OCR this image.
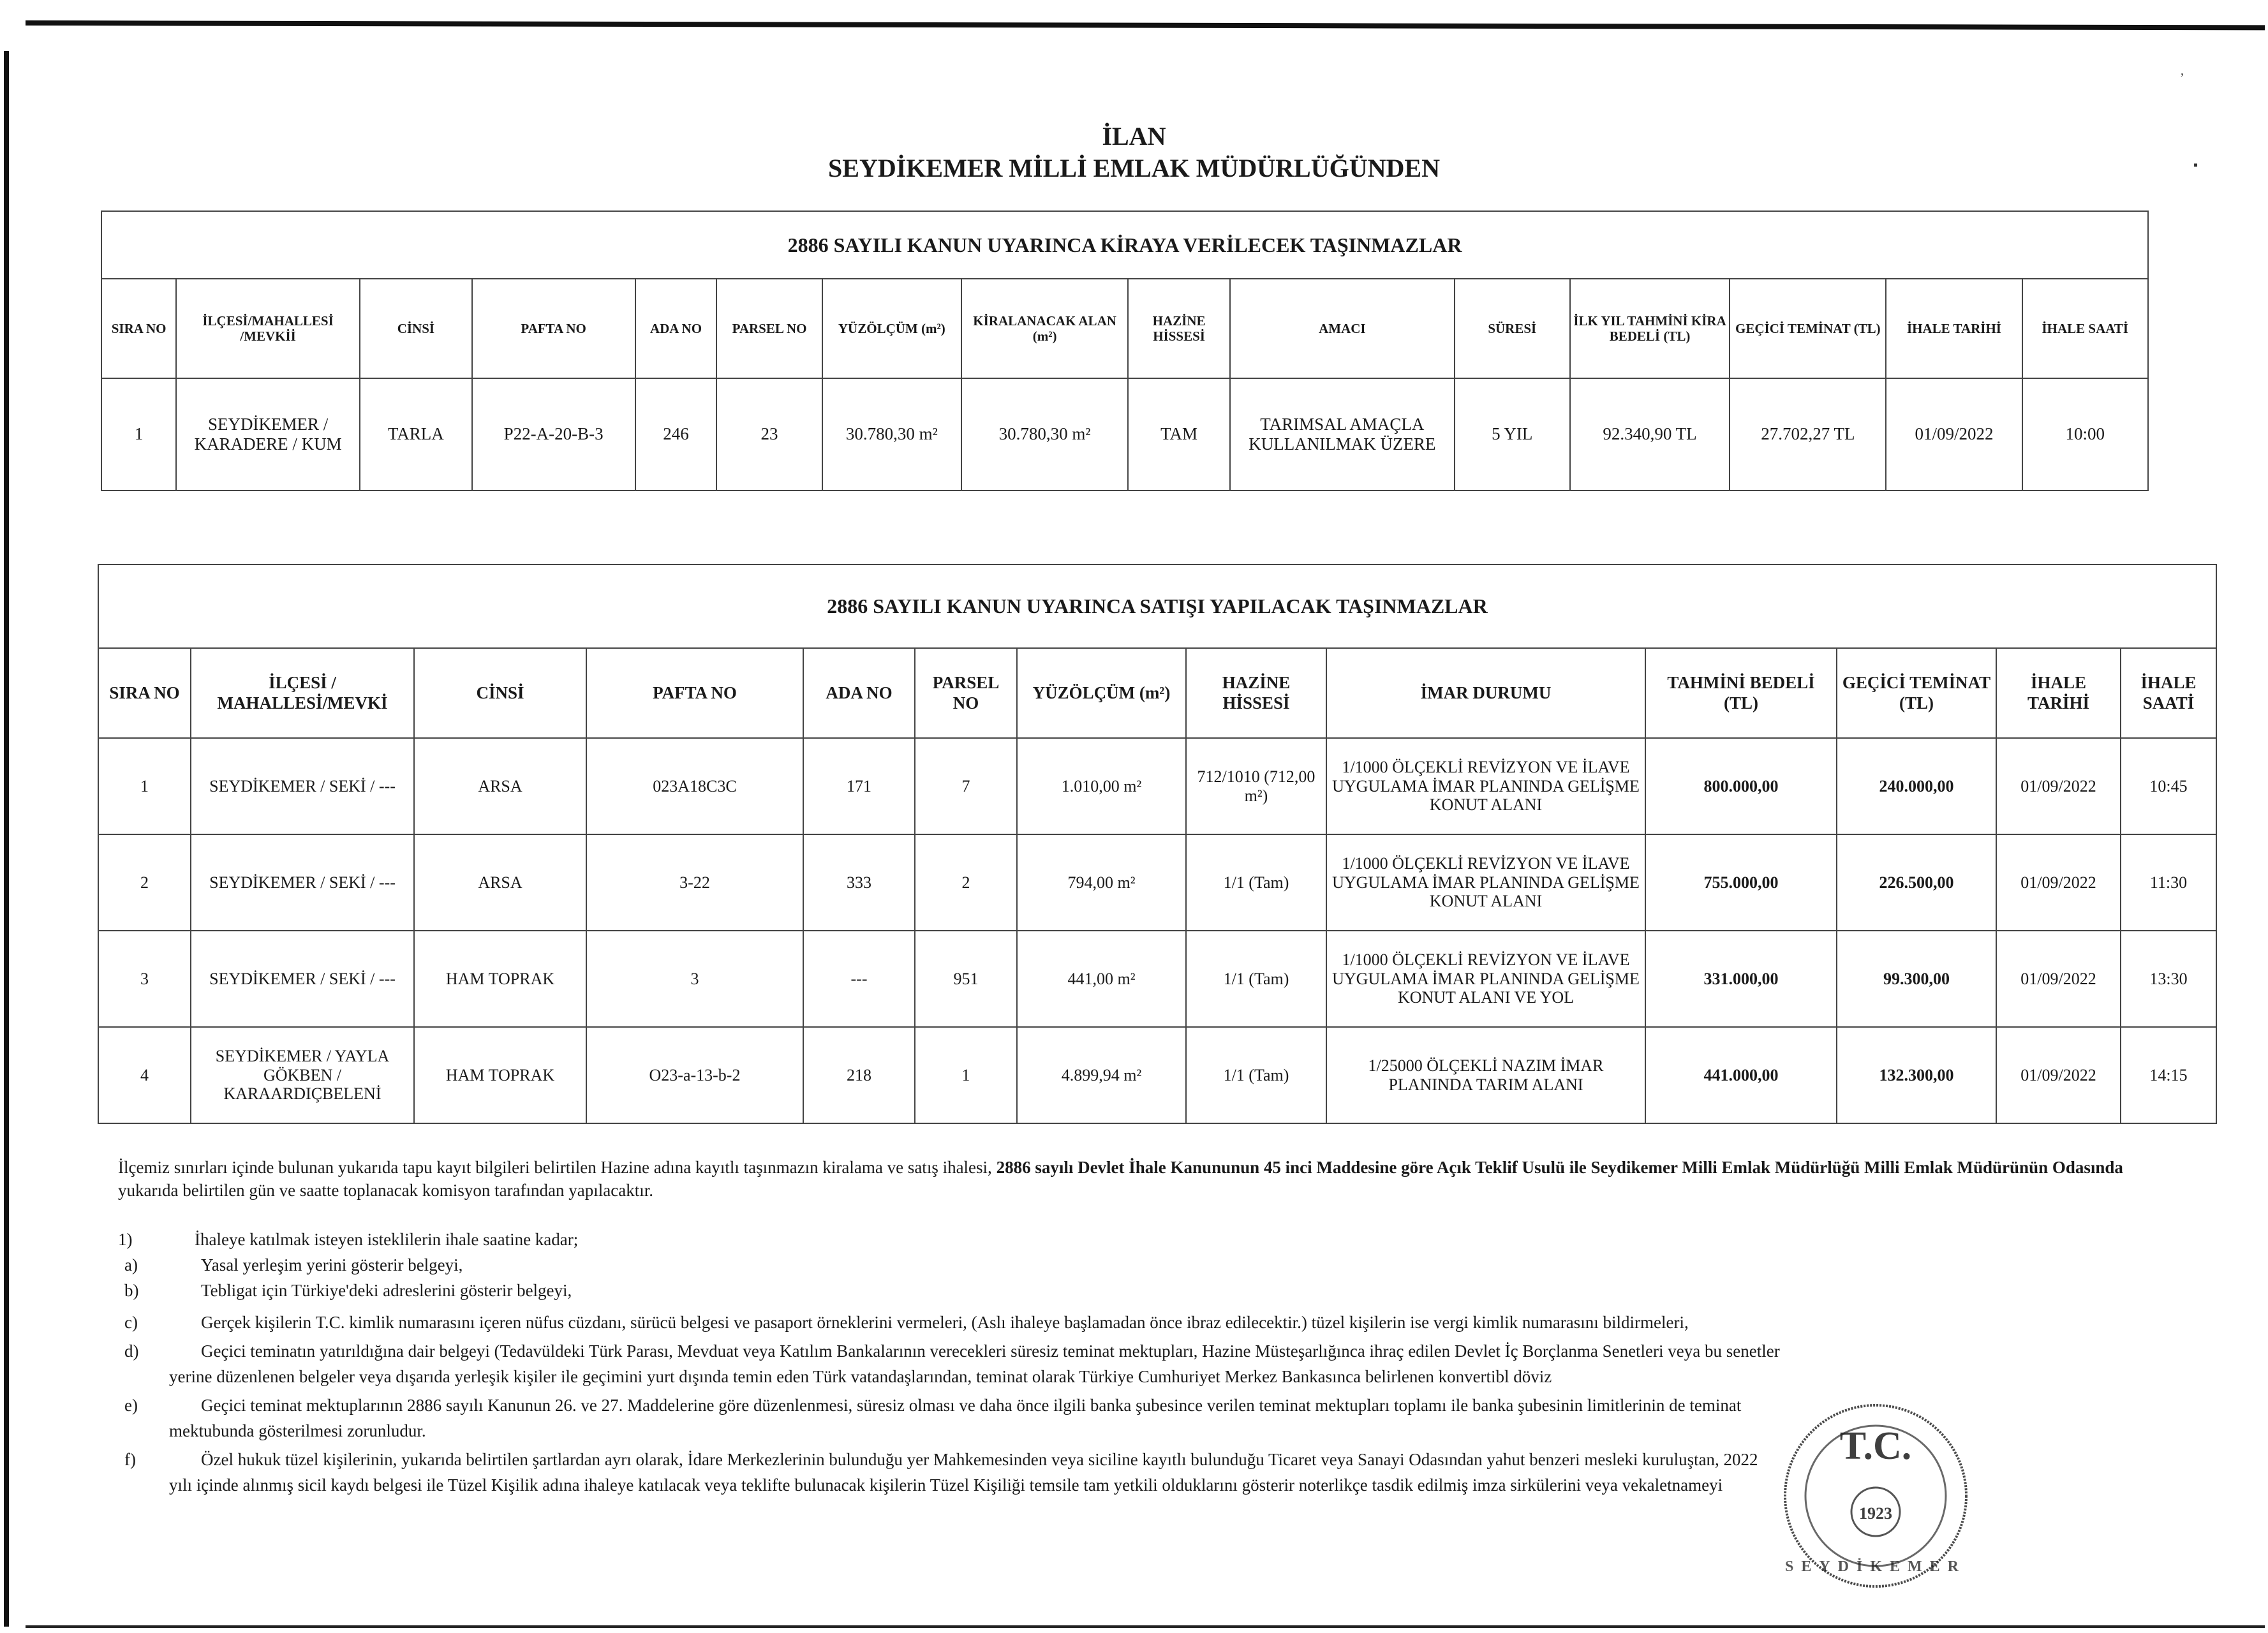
,
▪
İLAN
SEYDİKEMER MİLLİ EMLAK MÜDÜRLÜĞÜNDEN
2886 SAYILI KANUN UYARINCA KİRAYA VERİLECEK TAŞINMAZLAR														
SIRA NO	İLÇESİ/MAHALLESİ /MEVKİİ	CİNSİ	PAFTA NO	ADA NO	PARSEL NO	YÜZÖLÇÜM (m²)	KİRALANACAK ALAN (m²)	HAZİNE HİSSESİ	AMACI	SÜRESİ	İLK YIL TAHMİNİ KİRA BEDELİ (TL)	GEÇİCİ TEMİNAT (TL)	İHALE TARİHİ	İHALE SAATİ
1	SEYDİKEMER / KARADERE / KUM	TARLA	P22-A-20-B-3	246	23	30.780,30 m²	30.780,30 m²	TAM	TARIMSAL AMAÇLA KULLANILMAK ÜZERE	5 YIL	92.340,90 TL	27.702,27 TL	01/09/2022	10:00
2886 SAYILI KANUN UYARINCA SATIŞI YAPILACAK TAŞINMAZLAR												
SIRA NO	İLÇESİ / MAHALLESİ/MEVKİ	CİNSİ	PAFTA NO	ADA NO	PARSEL NO	YÜZÖLÇÜM (m²)	HAZİNE HİSSESİ	İMAR DURUMU	TAHMİNİ BEDELİ (TL)	GEÇİCİ TEMİNAT (TL)	İHALE TARİHİ	İHALE SAATİ
1	SEYDİKEMER / SEKİ / ---	ARSA	023A18C3C	171	7	1.010,00 m²	712/1010 (712,00 m²)	1/1000 ÖLÇEKLİ REVİZYON VE İLAVE UYGULAMA İMAR PLANINDA GELİŞME KONUT ALANI	800.000,00	240.000,00	01/09/2022	10:45
2	SEYDİKEMER / SEKİ / ---	ARSA	3-22	333	2	794,00 m²	1/1 (Tam)	1/1000 ÖLÇEKLİ REVİZYON VE İLAVE UYGULAMA İMAR PLANINDA GELİŞME KONUT ALANI	755.000,00	226.500,00	01/09/2022	11:30
3	SEYDİKEMER / SEKİ / ---	HAM TOPRAK	3	---	951	441,00 m²	1/1 (Tam)	1/1000 ÖLÇEKLİ REVİZYON VE İLAVE UYGULAMA İMAR PLANINDA GELİŞME KONUT ALANI VE YOL	331.000,00	99.300,00	01/09/2022	13:30
4	SEYDİKEMER / YAYLA GÖKBEN / KARAARDIÇBELENİ	HAM TOPRAK	O23-a-13-b-2	218	1	4.899,94 m²	1/1 (Tam)	1/25000 ÖLÇEKLİ NAZIM İMAR PLANINDA TARIM ALANI	441.000,00	132.300,00	01/09/2022	14:15
İlçemiz sınırları içinde bulunan yukarıda tapu kayıt bilgileri belirtilen Hazine adına kayıtlı taşınmazın kiralama ve satış ihalesi, 2886 sayılı Devlet İhale Kanununun 45 inci Maddesine göre Açık Teklif Usulü ile Seydikemer Milli Emlak Müdürlüğü Milli Emlak Müdürünün Odasında yukarıda belirtilen gün ve saatte toplanacak komisyon tarafından yapılacaktır.
1)	İhaleye katılmak isteyen isteklilerin ihale saatine kadar;
a)	Yasal yerleşim yerini gösterir belgeyi,
b)	Tebligat için Türkiye'deki adreslerini gösterir belgeyi,
c)	Gerçek kişilerin T.C. kimlik numarasını içeren nüfus cüzdanı, sürücü belgesi ve pasaport örneklerini vermeleri, (Aslı ihaleye başlamadan önce ibraz edilecektir.) tüzel kişilerin ise vergi kimlik numarasını bildirmeleri,
d)	Geçici teminatın yatırıldığına dair belgeyi (Tedavüldeki Türk Parası, Mevduat veya Katılım Bankalarının verecekleri süresiz teminat mektupları, Hazine Müsteşarlığınca ihraç edilen Devlet İç Borçlanma Senetleri veya bu senetler
yerine düzenlenen belgeler veya dışarıda yerleşik kişiler ile geçimini yurt dışında temin eden Türk vatandaşlarından, teminat olarak Türkiye Cumhuriyet Merkez Bankasınca belirlenen konvertibl döviz
e)	Geçici teminat mektuplarının 2886 sayılı Kanunun 26. ve 27. Maddelerine göre düzenlenmesi, süresiz olması ve daha önce ilgili banka şubesince verilen teminat mektupları toplamı ile banka şubesinin limitlerinin de teminat
mektubunda gösterilmesi zorunludur.
f)	Özel hukuk tüzel kişilerinin, yukarıda belirtilen şartlardan ayrı olarak, İdare Merkezlerinin bulunduğu yer Mahkemesinden veya siciline kayıtlı bulunduğu Ticaret veya Sanayi Odasından yahut benzeri mesleki kuruluştan, 2022
yılı içinde alınmış sicil kaydı belgesi ile Tüzel Kişilik adına ihaleye katılacak veya teklifte bulunacak kişilerin Tüzel Kişiliği temsile tam yetkili olduklarını gösterir noterlikçe tasdik edilmiş imza sirkülerini veya vekaletnameyi
T.C.
1923
SEYDİKEMER
